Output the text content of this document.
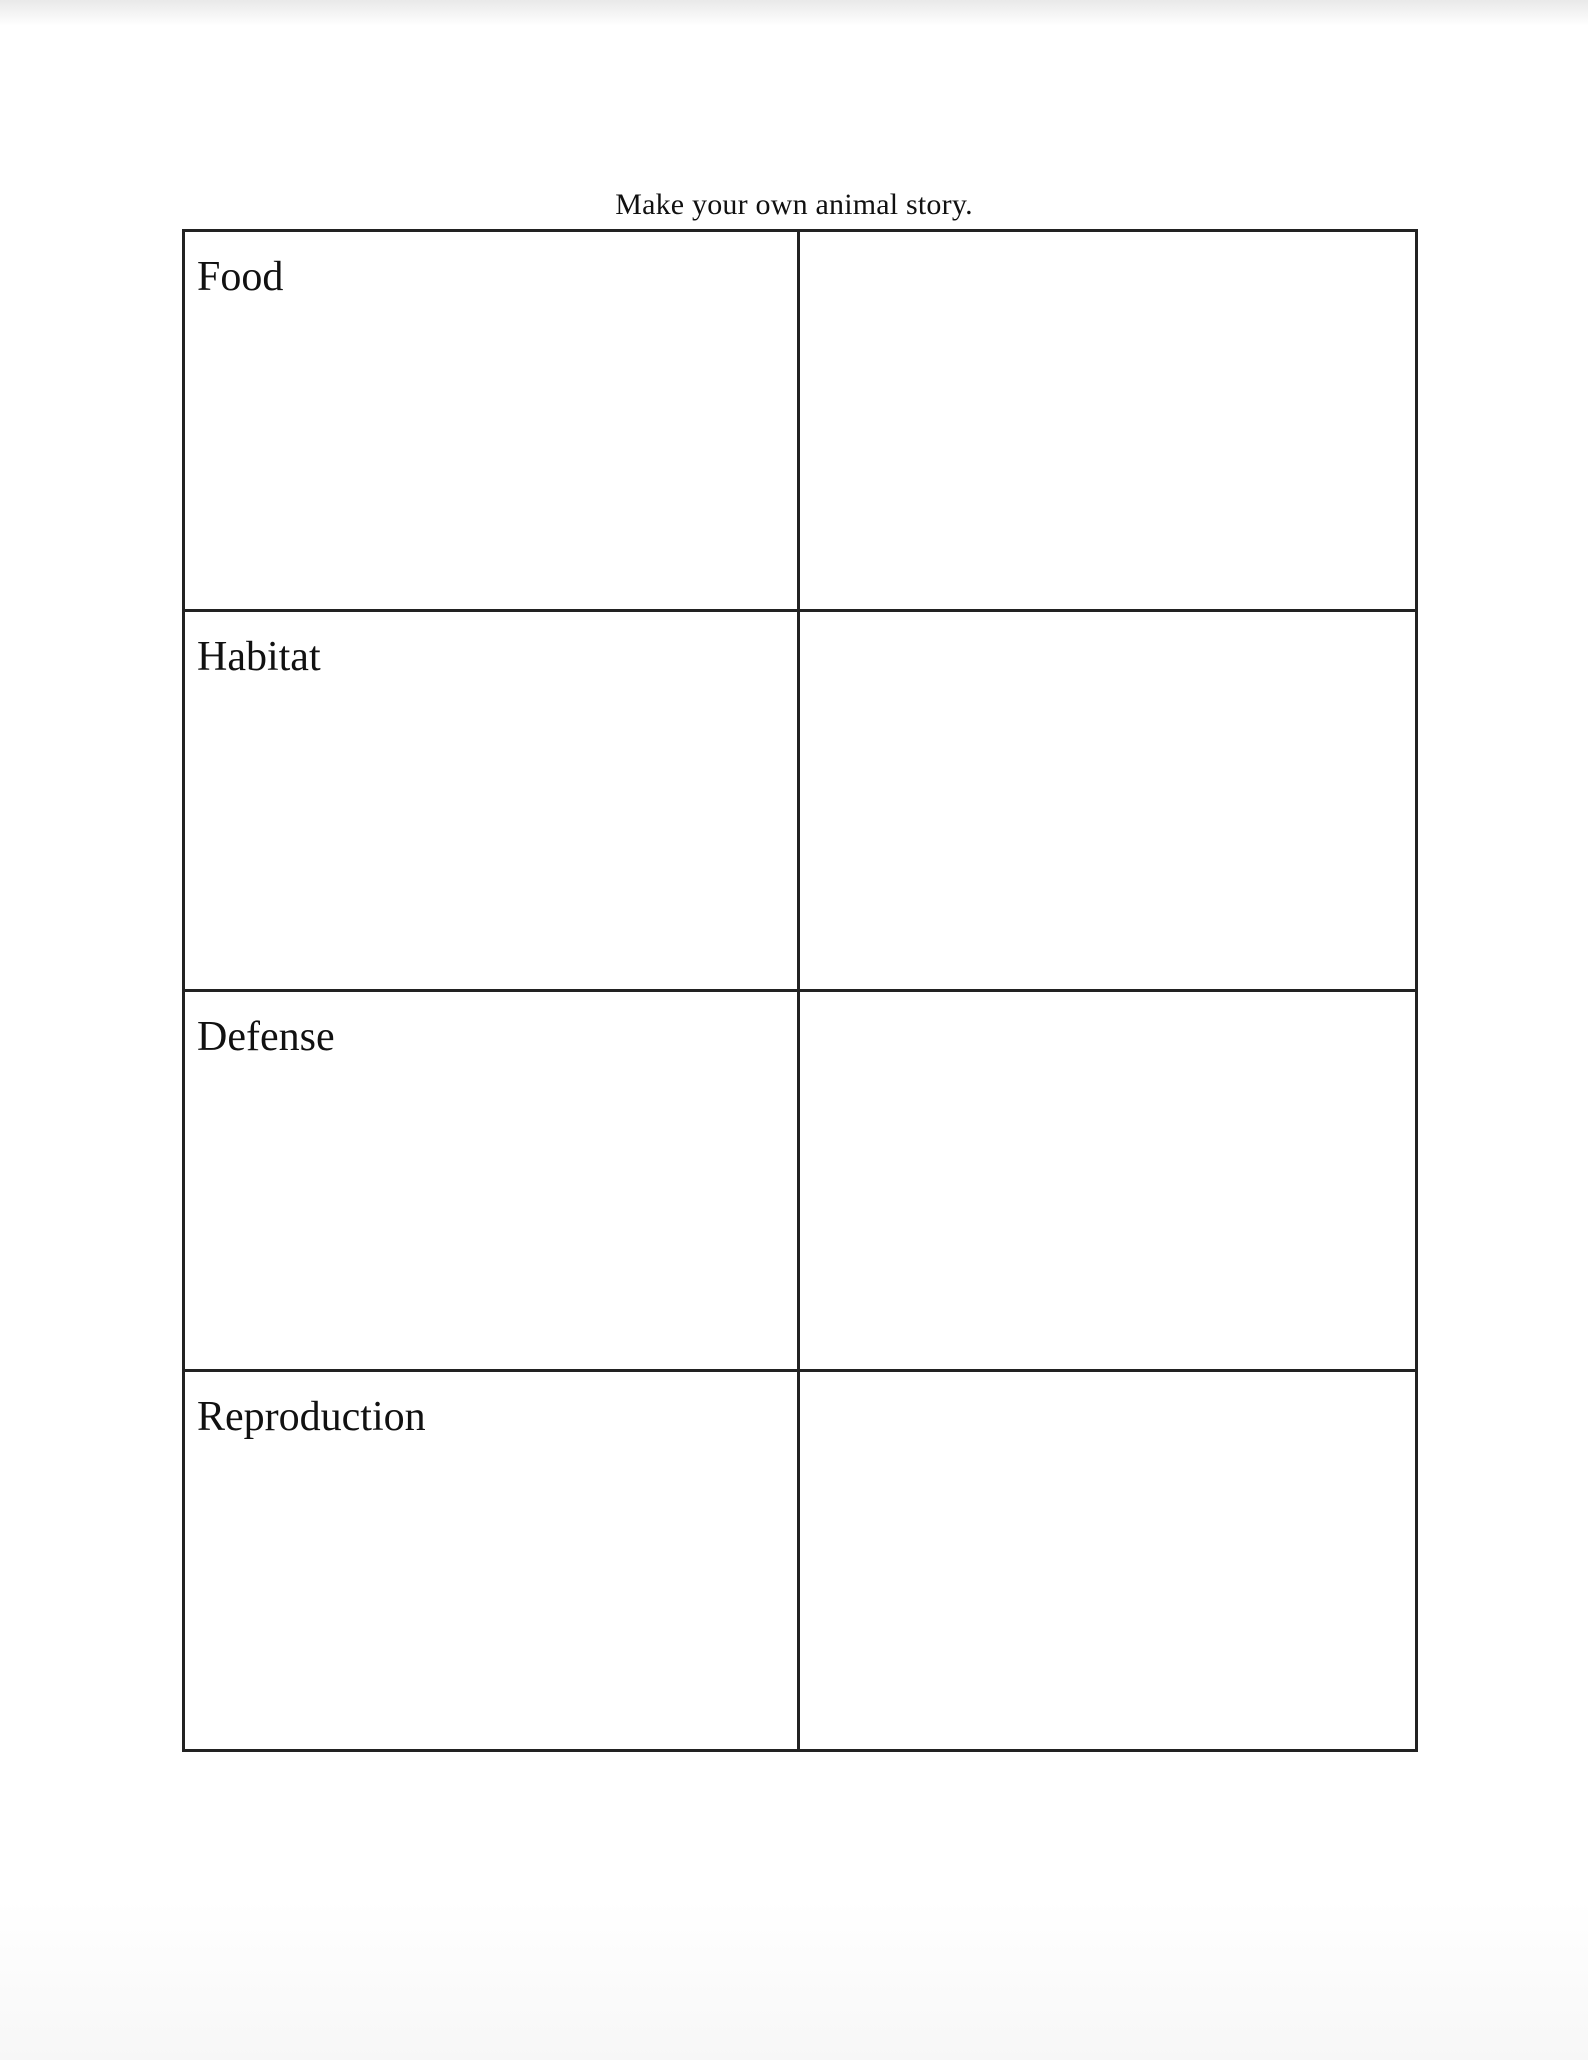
Make your own animal story.
Food	

Habitat	

Defense	

Reproduction	
